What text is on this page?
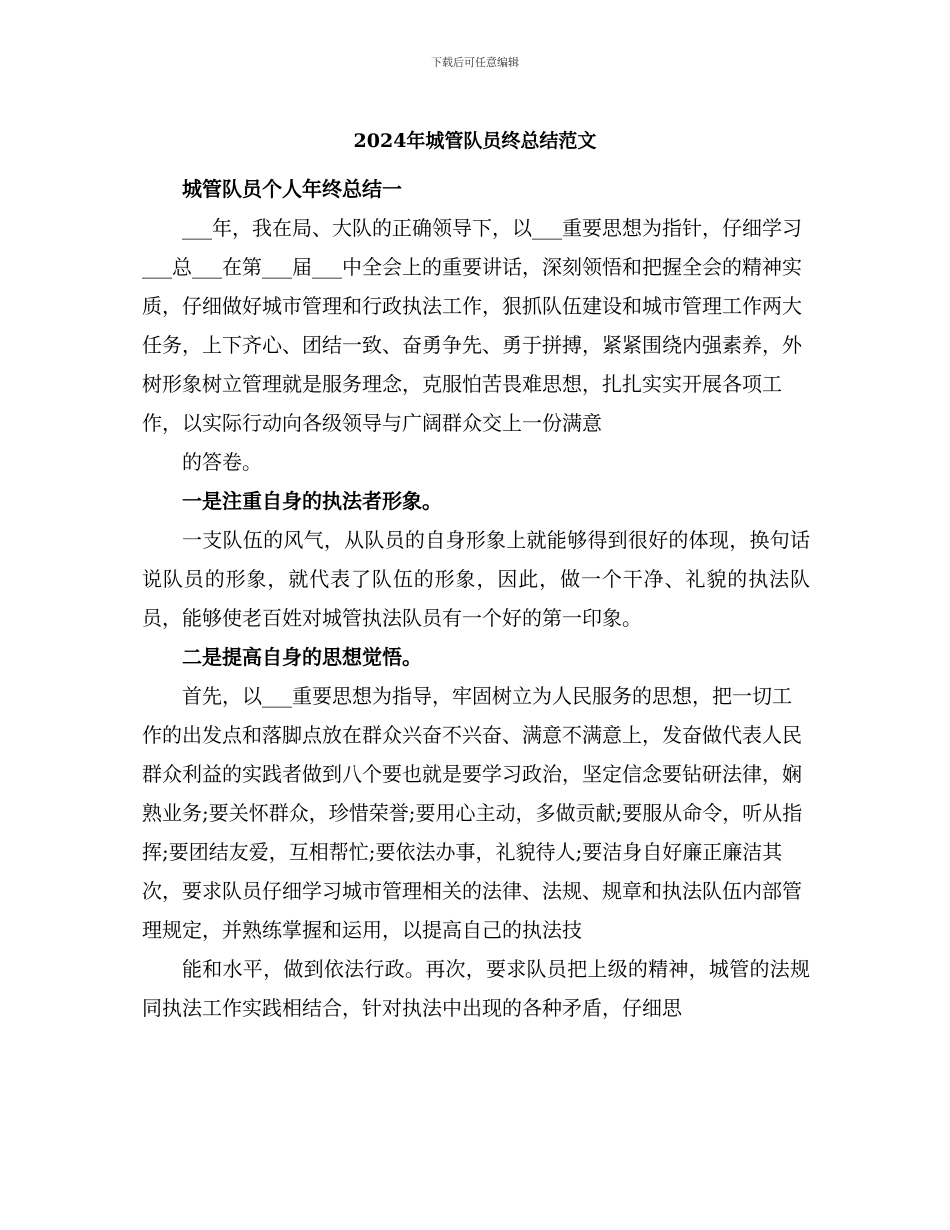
下载后可任意编辑
2024年城管队员终总结范文

城管队员个人年终总结一

___年，我在局、大队的正确领导下，以___重要思想为指针，仔细学习___总___在第___届___中全会上的重要讲话，深刻领悟和把握全会的精神实质，仔细做好城市管理和行政执法工作，狠抓队伍建设和城市管理工作两大任务，上下齐心、团结一致、奋勇争先、勇于拼搏，紧紧围绕内强素养，外树形象树立管理就是服务理念，克服怕苦畏难思想，扎扎实实开展各项工作，以实际行动向各级领导与广阔群众交上一份满意

的答卷。

一是注重自身的执法者形象。

一支队伍的风气，从队员的自身形象上就能够得到很好的体现，换句话说队员的形象，就代表了队伍的形象，因此，做一个干净、礼貌的执法队员，能够使老百姓对城管执法队员有一个好的第一印象。

二是提高自身的思想觉悟。

首先，以___重要思想为指导，牢固树立为人民服务的思想，把一切工作的出发点和落脚点放在群众兴奋不兴奋、满意不满意上，发奋做代表人民群众利益的实践者做到八个要也就是要学习政治，坚定信念要钻研法律，娴熟业务;要关怀群众，珍惜荣誉;要用心主动，多做贡献;要服从命令，听从指挥;要团结友爱，互相帮忙;要依法办事，礼貌待人;要洁身自好廉正廉洁其次，要求队员仔细学习城市管理相关的法律、法规、规章和执法队伍内部管理规定，并熟练掌握和运用，以提高自己的执法技

能和水平，做到依法行政。再次，要求队员把上级的精神，城管的法规同执法工作实践相结合，针对执法中出现的各种矛盾，仔细思
